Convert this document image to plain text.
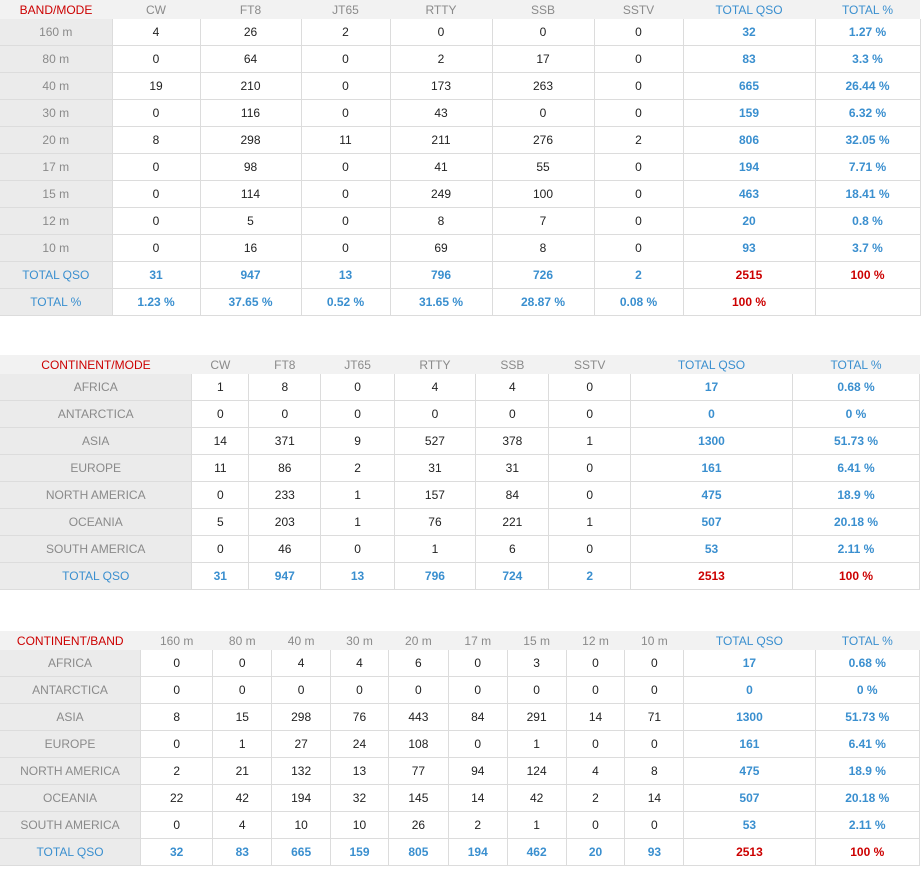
BAND/MODE	CW	FT8	JT65	RTTY	SSB	SSTV	TOTAL QSO	TOTAL %
160 m	4	26	2	0	0	0	32	1.27 %
80 m	0	64	0	2	17	0	83	3.3 %
40 m	19	210	0	173	263	0	665	26.44 %
30 m	0	116	0	43	0	0	159	6.32 %
20 m	8	298	11	211	276	2	806	32.05 %
17 m	0	98	0	41	55	0	194	7.71 %
15 m	0	114	0	249	100	0	463	18.41 %
12 m	0	5	0	8	7	0	20	0.8 %
10 m	0	16	0	69	8	0	93	3.7 %
TOTAL QSO	31	947	13	796	726	2	2515	100 %
TOTAL %	1.23 %	37.65 %	0.52 %	31.65 %	28.87 %	0.08 %	100 %	
CONTINENT/MODE	CW	FT8	JT65	RTTY	SSB	SSTV	TOTAL QSO	TOTAL %
AFRICA	1	8	0	4	4	0	17	0.68 %
ANTARCTICA	0	0	0	0	0	0	0	0 %
ASIA	14	371	9	527	378	1	1300	51.73 %
EUROPE	11	86	2	31	31	0	161	6.41 %
NORTH AMERICA	0	233	1	157	84	0	475	18.9 %
OCEANIA	5	203	1	76	221	1	507	20.18 %
SOUTH AMERICA	0	46	0	1	6	0	53	2.11 %
TOTAL QSO	31	947	13	796	724	2	2513	100 %
CONTINENT/BAND	160 m	80 m	40 m	30 m	20 m	17 m	15 m	12 m	10 m	TOTAL QSO	TOTAL %
AFRICA	0	0	4	4	6	0	3	0	0	17	0.68 %
ANTARCTICA	0	0	0	0	0	0	0	0	0	0	0 %
ASIA	8	15	298	76	443	84	291	14	71	1300	51.73 %
EUROPE	0	1	27	24	108	0	1	0	0	161	6.41 %
NORTH AMERICA	2	21	132	13	77	94	124	4	8	475	18.9 %
OCEANIA	22	42	194	32	145	14	42	2	14	507	20.18 %
SOUTH AMERICA	0	4	10	10	26	2	1	0	0	53	2.11 %
TOTAL QSO	32	83	665	159	805	194	462	20	93	2513	100 %
